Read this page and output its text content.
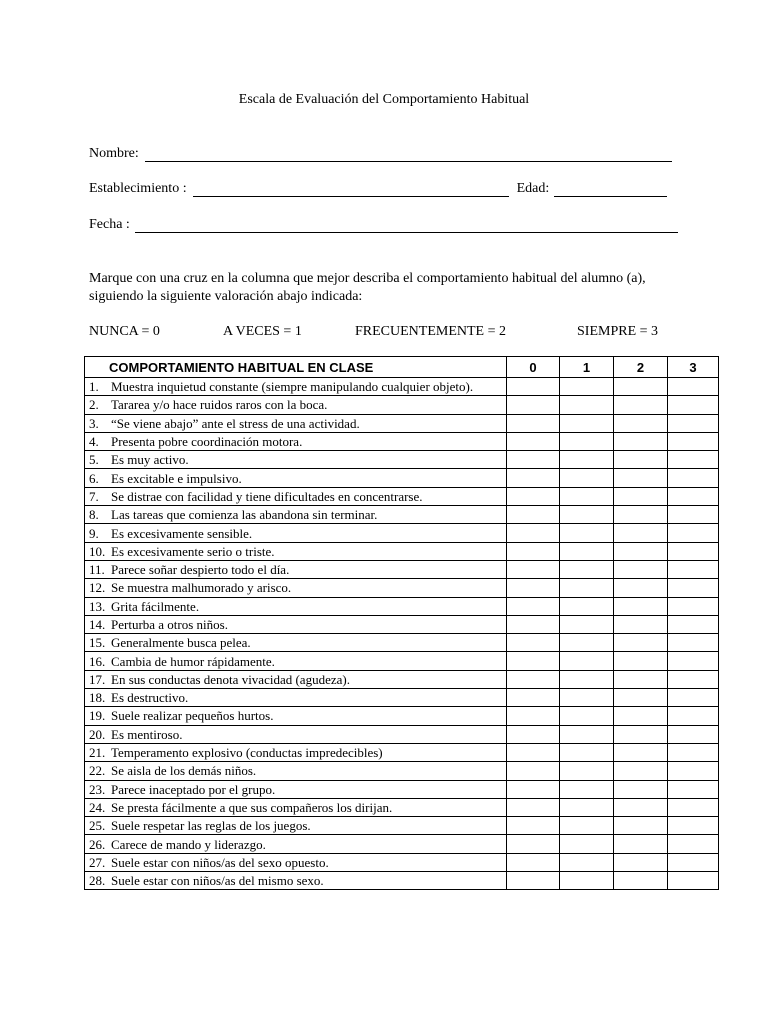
Escala de Evaluación del Comportamiento Habitual
Nombre:
Establecimiento :	Edad:
Fecha :
Marque con una cruz en la columna que mejor describa el comportamiento habitual del alumno (a), siguiendo la siguiente valoración abajo indicada:
NUNCA = 0	A VECES = 1	FRECUENTEMENTE = 2	SIEMPRE = 3
COMPORTAMIENTO HABITUAL EN CLASE	0	1	2	3

1. Muestra inquietud constante (siempre manipulando cualquier objeto).				

2. Tararea y/o hace ruidos raros con la boca.				

3. “Se viene abajo” ante el stress de una actividad.				

4. Presenta pobre coordinación motora.				

5. Es muy activo.				

6. Es excitable e impulsivo.				

7. Se distrae con facilidad y tiene dificultades en concentrarse.				

8. Las tareas que comienza las abandona sin terminar.				

9. Es excesivamente sensible.				

10. Es excesivamente serio o triste.				

11. Parece soñar despierto todo el día.				

12. Se muestra malhumorado y arisco.				

13. Grita fácilmente.				

14. Perturba a otros niños.				

15. Generalmente busca pelea.				

16. Cambia de humor rápidamente.				

17. En sus conductas denota vivacidad (agudeza).				

18. Es destructivo.				

19. Suele realizar pequeños hurtos.				

20. Es mentiroso.				

21. Temperamento explosivo (conductas impredecibles)				

22. Se aisla de los demás niños.				

23. Parece inaceptado por el grupo.				

24. Se presta fácilmente a que sus compañeros los dirijan.				

25. Suele respetar las reglas de los juegos.				

26. Carece de mando y liderazgo.				

27. Suele estar con niños/as del sexo opuesto.				

28. Suele estar con niños/as del mismo sexo.				
